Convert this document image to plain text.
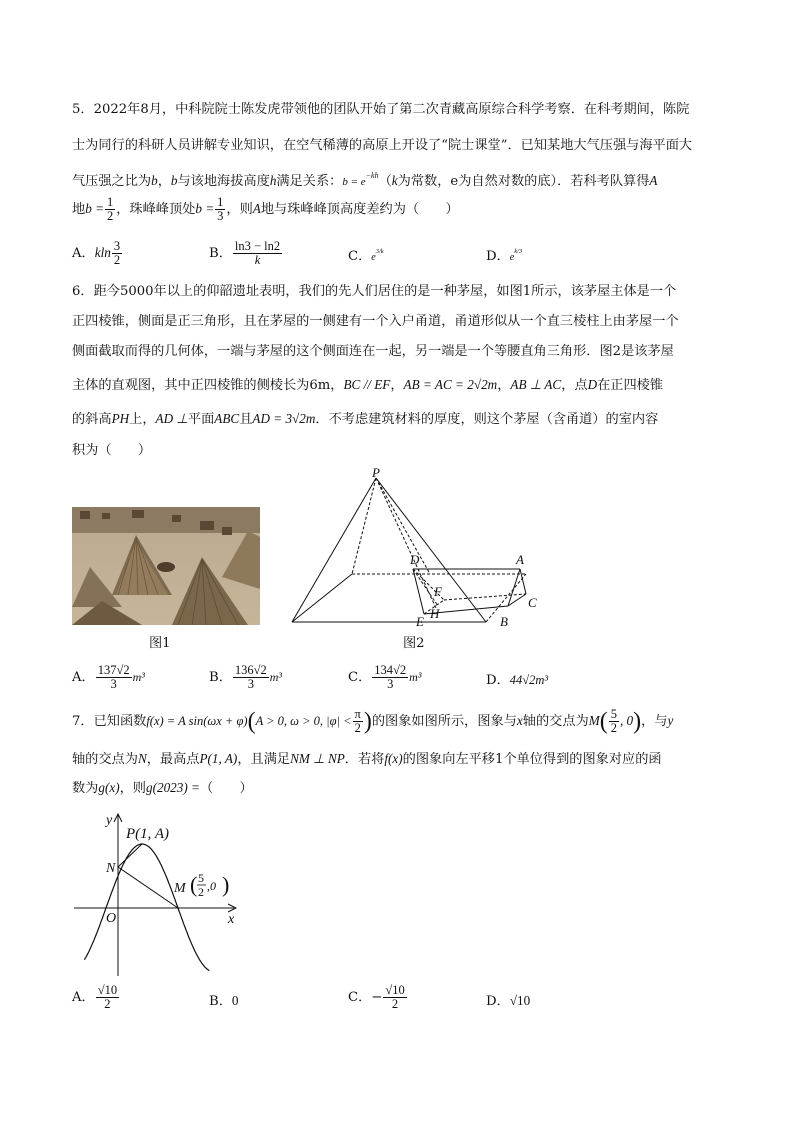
5．2022年8月，中科院院士陈发虎带领他的团队开始了第二次青藏高原综合科学考察．在科考期间，陈院
士为同行的科研人员讲解专业知识，在空气稀薄的高原上开设了“院士课堂”．已知某地大气压强与海平面大
气压强之比为b，b与该地海拔高度h满足关系：$b = e^{-kh}(k$为常数，e为自然对数的底）．若科考队算得A
地$b = \frac{1}{2}$ ，珠峰峰顶处$b = \frac{1}{3}$ ，则A地与珠峰峰顶高度差约为（　　）
A．kln $\frac{3}{2}$	B． $\frac{\ln 3 - \ln 2}{k}$	C．$e^{3/k}$	D．$e^{k/3}$
6．距今5000年以上的仰韶遗址表明，我们的先人们居住的是一种茅屋，如图1所示，该茅屋主体是一个
正四棱锥，侧面是正三角形，且在茅屋的一侧建有一个入户甬道，甬道形似从一个直三棱柱上由茅屋一个
侧面截取而得的几何体，一端与茅屋的这个侧面连在一起，另一端是一个等腰直角三角形．图2是该茅屋
主体的直观图，其中正四棱锥的侧棱长为6m，BC // EF，AB = AC = 2√2m，AB ⊥ AC，点D在正四棱锥
的斜高PH上，AD ⊥平面ABC且AD = 3√2m．不考虑建筑材料的厚度，则这个茅屋（含甬道）的室内容
积为（　　）
图1
P
D	A
F
C
H
E	B
图2
A． $\frac{137√2}{3} m^3$	B． $\frac{136√2}{3} m^3$	C． $\frac{134√2}{3} m^3$	D．44√2m³
7．已知函数f(x) = A sin(ωx + φ)(A > 0, ω > 0, $|\varphi| < \frac{\pi}{2}$ )的图象如图所示，图象与x轴的交点为$M( \frac{5}{2}$ , 0)，与y
轴的交点为N，最高点P(1, A)，且满足NM ⊥ NP．若将f(x)的图象向左平移1个单位得到的图象对应的函
数为g(x)，则g(2023) =（　　）
y
x
O
N
P(1, A)
M ( 5
2 ,0 )
A． $\frac{√10}{2}$	B．0	C．− $\frac{√10}{2}$	D．√10
